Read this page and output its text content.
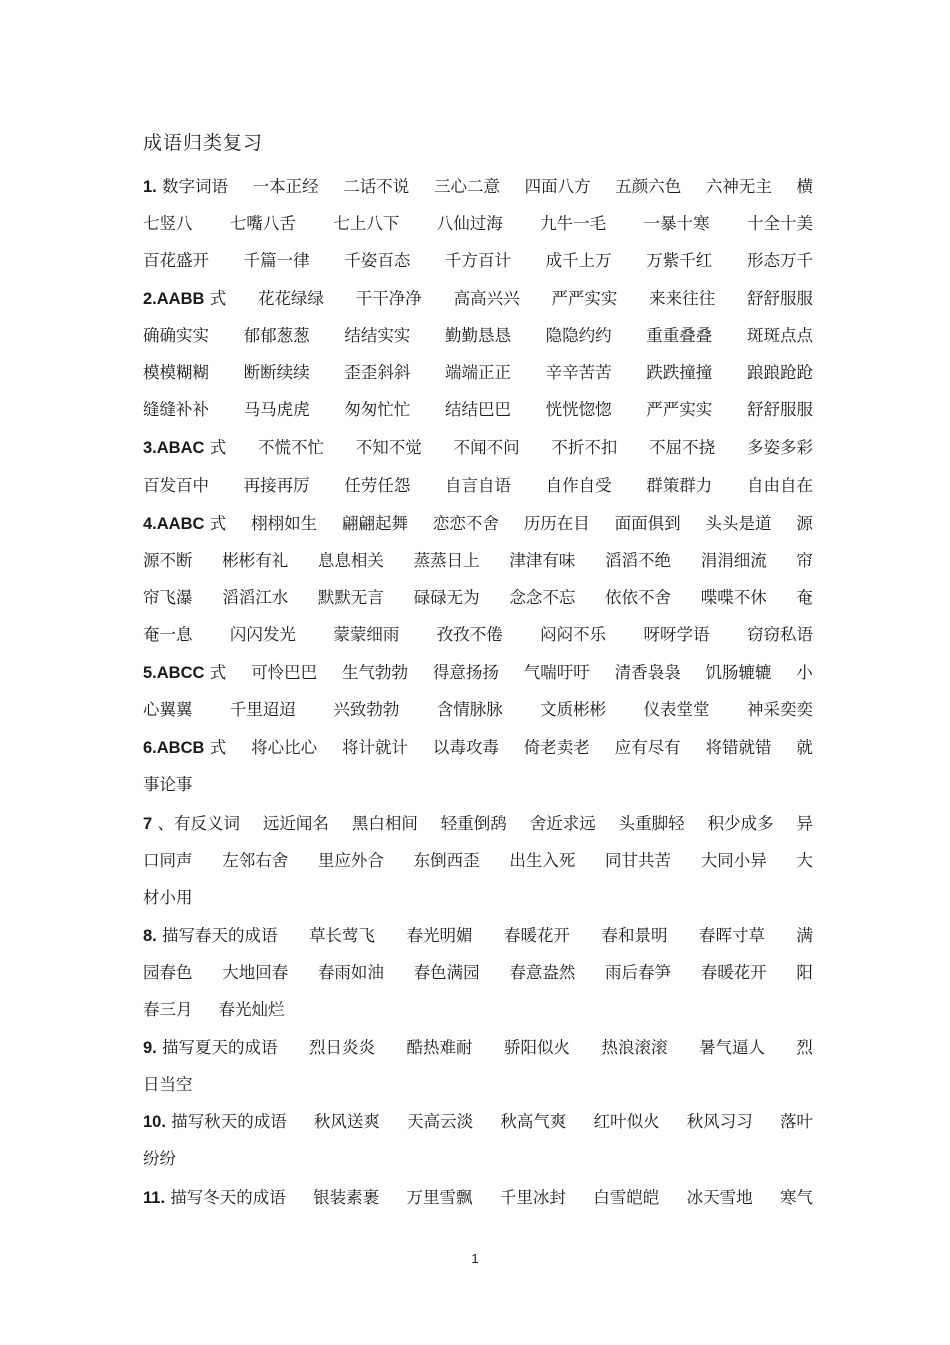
成语归类复习
1. 数字词语 一本正经 二话不说 三心二意 四面八方 五颜六色 六神无主 横
七竖八 七嘴八舌 七上八下 八仙过海 九牛一毛 一暴十寒 十全十美
百花盛开 千篇一律 千姿百态 千方百计 成千上万 万紫千红 形态万千
2.AABB 式 花花绿绿 干干净净 高高兴兴 严严实实 来来往往 舒舒服服
确确实实 郁郁葱葱 结结实实 勤勤恳恳 隐隐约约 重重叠叠 斑斑点点
模模糊糊 断断续续 歪歪斜斜 端端正正 辛辛苦苦 跌跌撞撞 踉踉跄跄
缝缝补补 马马虎虎 匆匆忙忙 结结巴巴 恍恍惚惚 严严实实 舒舒服服
3.ABAC 式 不慌不忙 不知不觉 不闻不问 不折不扣 不屈不挠 多姿多彩
百发百中 再接再厉 任劳任怨 自言自语 自作自受 群策群力 自由自在
4.AABC 式 栩栩如生 翩翩起舞 恋恋不舍 历历在目 面面俱到 头头是道 源
源不断 彬彬有礼 息息相关 蒸蒸日上 津津有味 滔滔不绝 涓涓细流 帘
帘飞瀑 滔滔江水 默默无言 碌碌无为 念念不忘 依依不舍 喋喋不休 奄
奄一息 闪闪发光 蒙蒙细雨 孜孜不倦 闷闷不乐 呀呀学语 窃窃私语
5.ABCC 式 可怜巴巴 生气勃勃 得意扬扬 气喘吁吁 清香袅袅 饥肠辘辘 小
心翼翼 千里迢迢 兴致勃勃 含情脉脉 文质彬彬 仪表堂堂 神采奕奕
6.ABCB 式 将心比心 将计就计 以毒攻毒 倚老卖老 应有尽有 将错就错 就
事论事
7 、有反义词 远近闻名 黑白相间 轻重倒鸹 舍近求远 头重脚轻 积少成多 异
口同声 左邻右舍 里应外合 东倒西歪 出生入死 同甘共苦 大同小异 大
材小用
8. 描写春天的成语 草长莺飞 春光明媚 春暖花开 春和景明 春晖寸草 满
园春色 大地回春 春雨如油 春色满园 春意盎然 雨后春笋 春暖花开 阳
春三月 春光灿烂
9. 描写夏天的成语 烈日炎炎 酷热难耐 骄阳似火 热浪滚滚 暑气逼人 烈
日当空
10. 描写秋天的成语 秋风送爽 天高云淡 秋高气爽 红叶似火 秋风习习 落叶
纷纷
11. 描写冬天的成语 银装素裹 万里雪飘 千里冰封 白雪皑皑 冰天雪地 寒气
1
